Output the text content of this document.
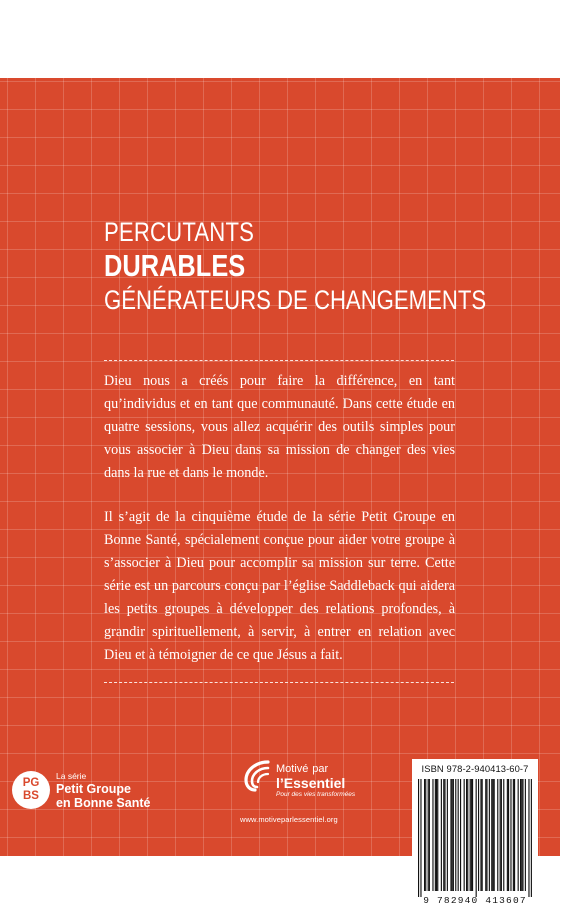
PERCUTANTS
DURABLES
GÉNÉRATEURS DE CHANGEMENTS

Dieu nous a créés pour faire la différence, en tant qu’individus et en tant que communauté. Dans cette étude en quatre sessions, vous allez acquérir des outils simples pour vous associer à Dieu dans sa mission de changer des vies dans la rue et dans le monde.

Il s’agit de la cinquième étude de la série Petit Groupe en Bonne Santé, spécialement conçue pour aider votre groupe à s’associer à Dieu pour accomplir sa mission sur terre. Cette série est un parcours conçu par l’église Saddleback qui aidera les petits groupes à développer des relations profondes, à grandir spirituellement, à servir, à entrer en relation avec Dieu et à témoigner de ce que Jésus a fait.

PG
BS
La série
Petit Groupe
en Bonne Santé
Motivé par
l’Essentiel
Pour des vies transformées
www.motiveparlessentiel.org
ISBN 978-2-940413-60-7
9 782940 413607
